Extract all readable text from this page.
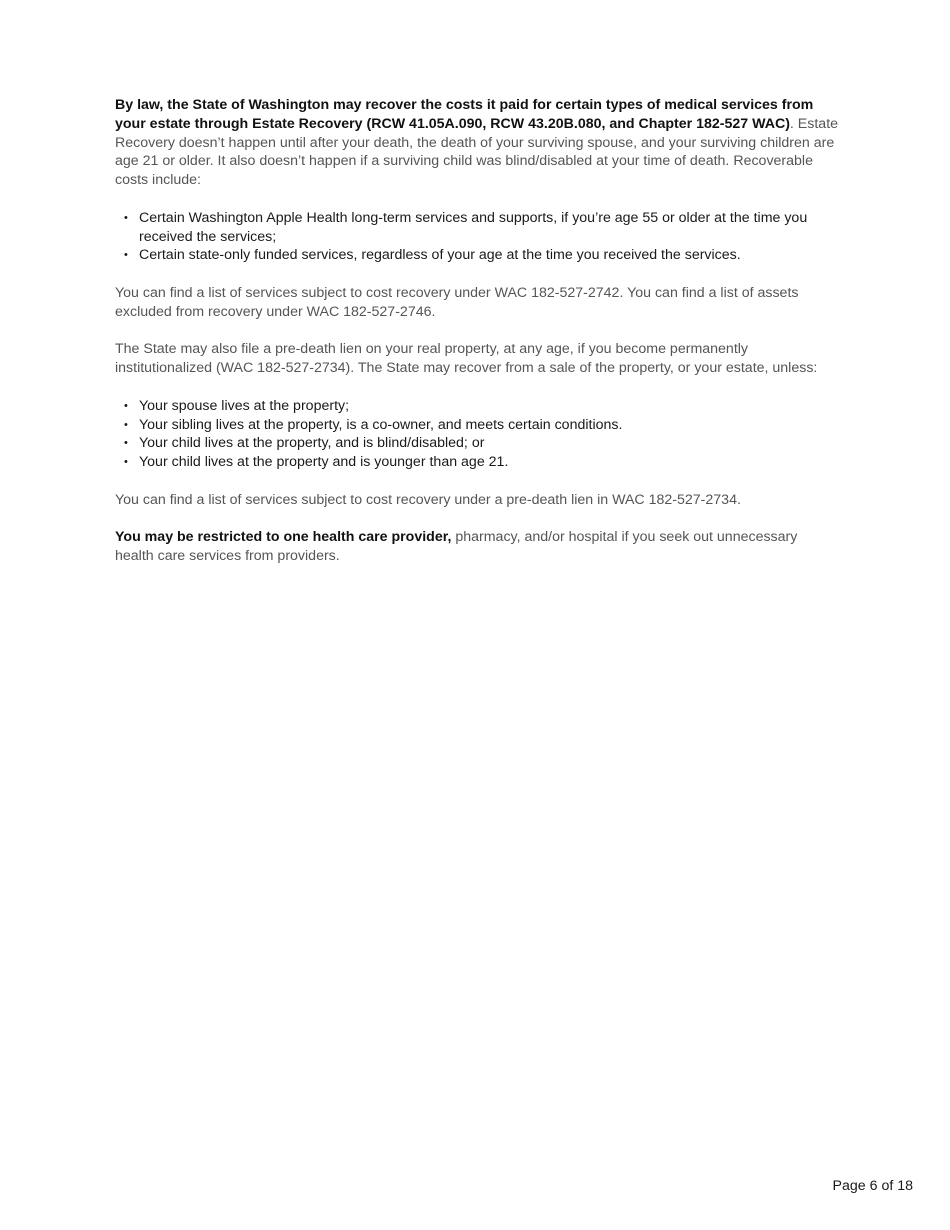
By law, the State of Washington may recover the costs it paid for certain types of medical services from your estate through Estate Recovery (RCW 41.05A.090, RCW 43.20B.080, and Chapter 182-527 WAC). Estate Recovery doesn’t happen until after your death, the death of your surviving spouse, and your surviving children are age 21 or older. It also doesn’t happen if a surviving child was blind/disabled at your time of death. Recoverable costs include:

• Certain Washington Apple Health long-term services and supports, if you’re age 55 or older at the time you received the services;
• Certain state-only funded services, regardless of your age at the time you received the services.

You can find a list of services subject to cost recovery under WAC 182-527-2742. You can find a list of assets excluded from recovery under WAC 182-527-2746.

The State may also file a pre-death lien on your real property, at any age, if you become permanently institutionalized (WAC 182-527-2734). The State may recover from a sale of the property, or your estate, unless:

• Your spouse lives at the property;
• Your sibling lives at the property, is a co-owner, and meets certain conditions.
• Your child lives at the property, and is blind/disabled; or
• Your child lives at the property and is younger than age 21.

You can find a list of services subject to cost recovery under a pre-death lien in WAC 182-527-2734.

You may be restricted to one health care provider, pharmacy, and/or hospital if you seek out unnecessary health care services from providers.

Page 6 of 18
